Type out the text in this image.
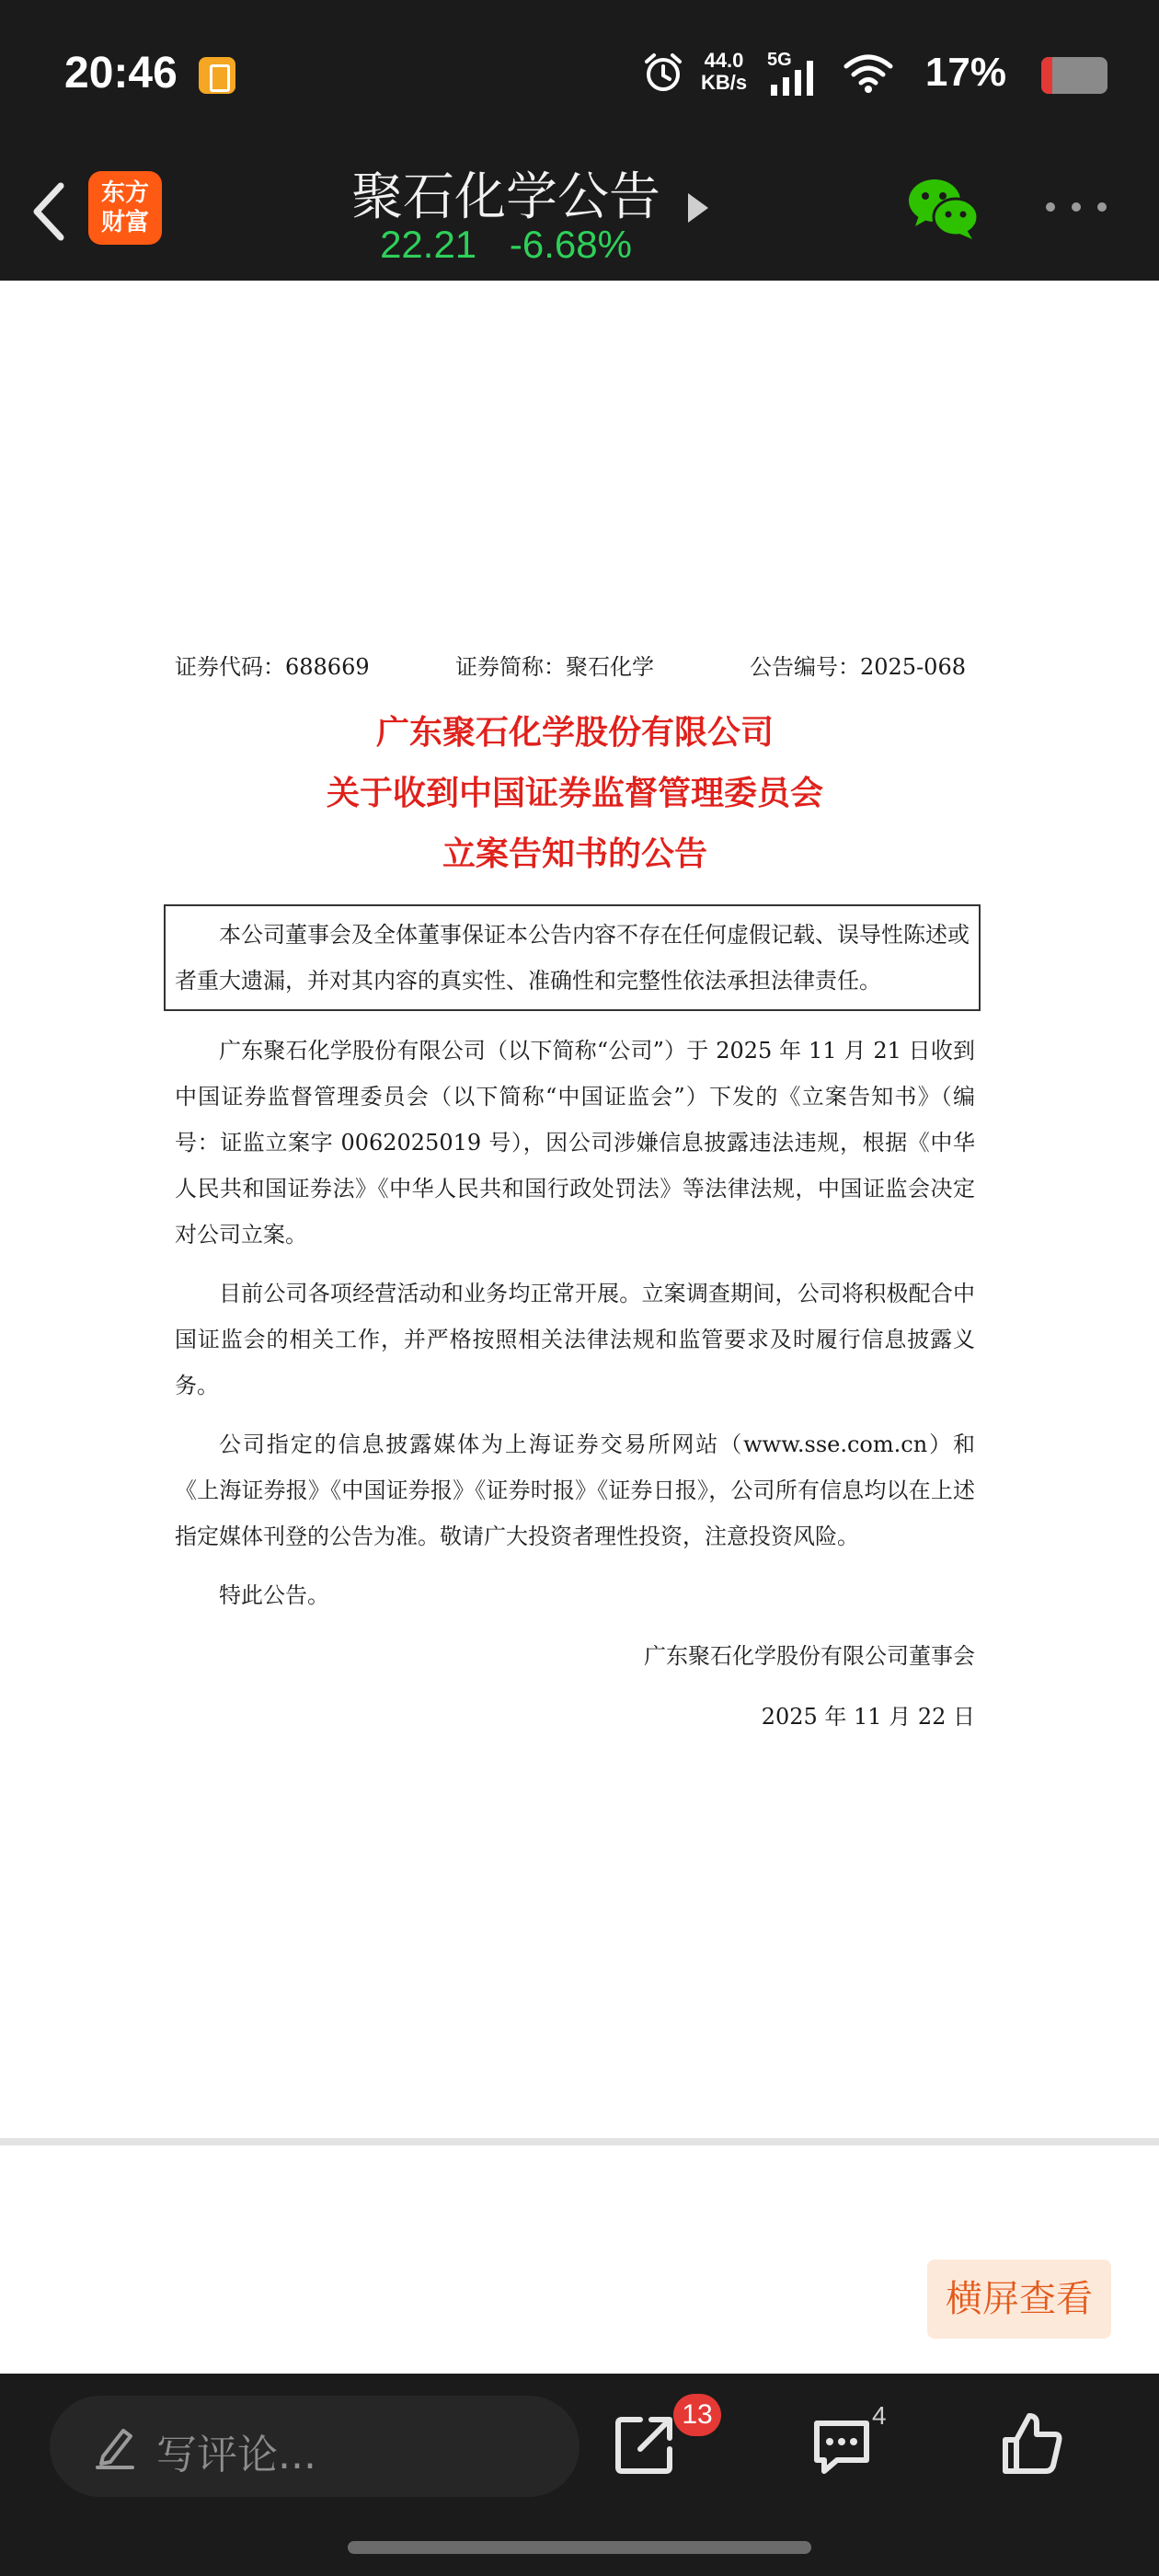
20:46	44.0
KB/s
5G	17%
东方
财富	聚石化学公告
22.21 -6.68%
证券代码：688669	证券简称：聚石化学	公告编号：2025-068
广东聚石化学股份有限公司
关于收到中国证券监督管理委员会
立案告知书的公告
本公司董事会及全体董事保证本公告内容不存在任何虚假记载、误导性陈述或者重大遗漏，并对其内容的真实性、准确性和完整性依法承担法律责任。
广东聚石化学股份有限公司（以下简称“公司”）于 2025 年 11 月 21 日收到中国证券监督管理委员会（以下简称“中国证监会”）下发的《立案告知书》（编号：证监立案字 0062025019 号），因公司涉嫌信息披露违法违规，根据《中华人民共和国证券法》《中华人民共和国行政处罚法》等法律法规，中国证监会决定对公司立案。
目前公司各项经营活动和业务均正常开展。立案调查期间，公司将积极配合中国证监会的相关工作，并严格按照相关法律法规和监管要求及时履行信息披露义务。
公司指定的信息披露媒体为上海证券交易所网站（www.sse.com.cn）和《上海证券报》《中国证券报》《证券时报》《证券日报》，公司所有信息均以在上述指定媒体刊登的公告为准。敬请广大投资者理性投资，注意投资风险。
特此公告。
广东聚石化学股份有限公司董事会
2025 年 11 月 22 日
横屏查看
写评论...
13	4
